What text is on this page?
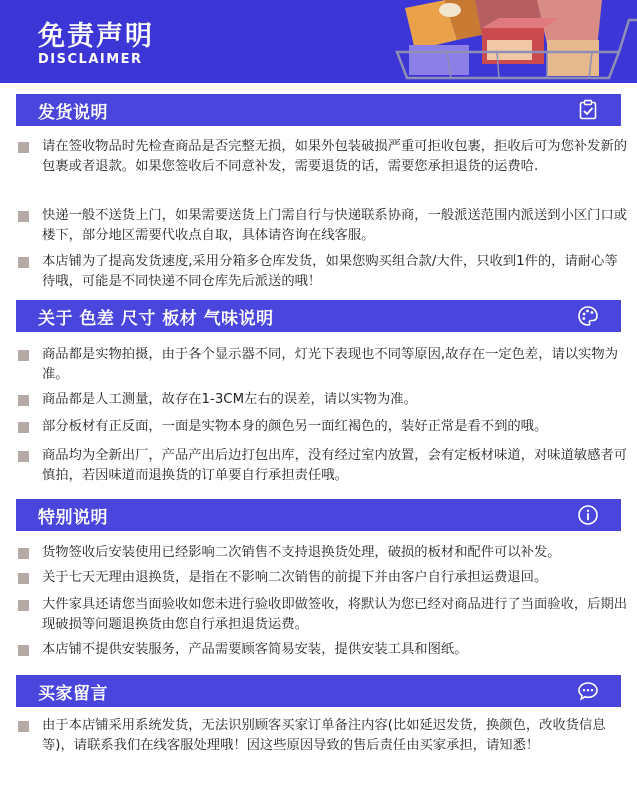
免责声明
DISCLAIMER
发货说明
请在签收物品时先检查商品是否完整无损，如果外包装破损严重可拒收包裹，拒收后可为您补发新的包裹或者退款。如果您签收后不同意补发，需要退货的话，需要您承担退货的运费哈.
快递一般不送货上门，如果需要送货上门需自行与快递联系协商，一般派送范围内派送到小区门口或楼下，部分地区需要代收点自取，具体请咨询在线客服。
本店铺为了提高发货速度,采用分箱多仓库发货，如果您购买组合款/大件，只收到1件的，请耐心等待哦，可能是不同快递不同仓库先后派送的哦！
关于 色差 尺寸 板材 气味说明
商品都是实物拍摄，由于各个显示器不同，灯光下表现也不同等原因,故存在一定色差，请以实物为准。
商品都是人工测量，故存在1-3CM左右的误差，请以实物为准。
部分板材有正反面，一面是实物本身的颜色另一面红褐色的，装好正常是看不到的哦。
商品均为全新出厂，产品产出后边打包出库，没有经过室内放置，会有定板材味道，对味道敏感者可慎拍，若因味道而退换货的订单要自行承担责任哦。
特别说明
货物签收后安装使用已经影响二次销售不支持退换货处理，破损的板材和配件可以补发。
关于七天无理由退换货，是指在不影响二次销售的前提下并由客户自行承担运费退回。
大件家具还请您当面验收如您未进行验收即做签收，将默认为您已经对商品进行了当面验收，后期出现破损等问题退换货由您自行承担退货运费。
本店铺不提供安装服务，产品需要顾客简易安装，提供安装工具和图纸。
买家留言
由于本店铺采用系统发货，无法识别顾客买家订单备注内容(比如延迟发货，换颜色，改收货信息等)，请联系我们在线客服处理哦！因这些原因导致的售后责任由买家承担，请知悉！
